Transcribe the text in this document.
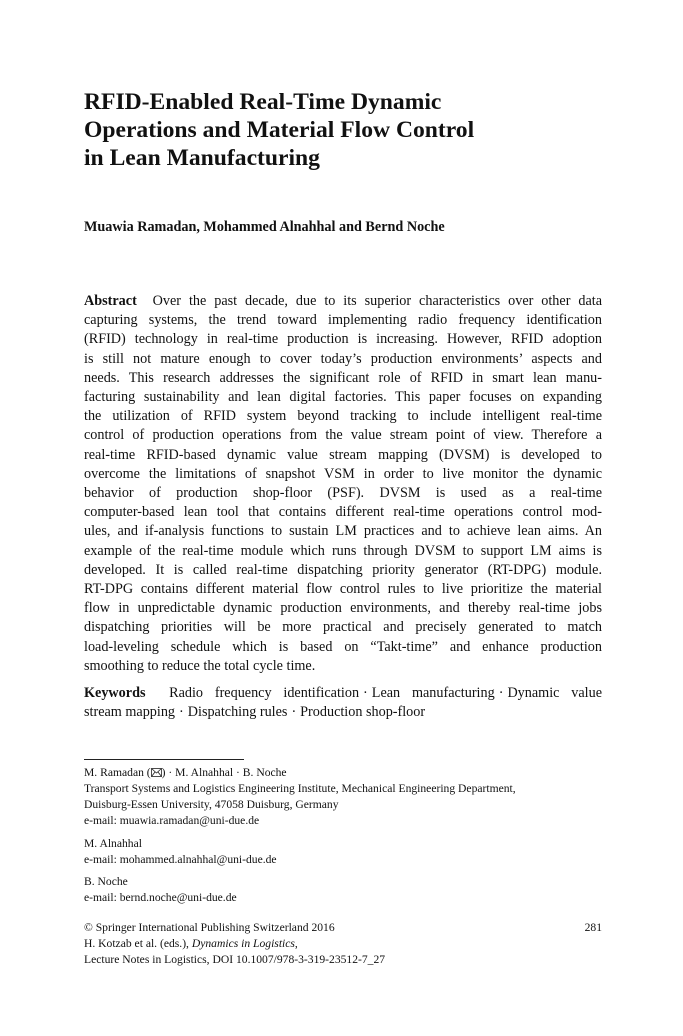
RFID-Enabled Real-Time Dynamic
Operations and Material Flow Control
in Lean Manufacturing
Muawia Ramadan, Mohammed Alnahhal and Bernd Noche
Abstract Over the past decade, due to its superior characteristics over other data
capturing systems, the trend toward implementing radio frequency identification
(RFID) technology in real-time production is increasing. However, RFID adoption
is still not mature enough to cover today’s production environments’ aspects and
needs. This research addresses the significant role of RFID in smart lean manu-
facturing sustainability and lean digital factories. This paper focuses on expanding
the utilization of RFID system beyond tracking to include intelligent real-time
control of production operations from the value stream point of view. Therefore a
real-time RFID-based dynamic value stream mapping (DVSM) is developed to
overcome the limitations of snapshot VSM in order to live monitor the dynamic
behavior of production shop-floor (PSF). DVSM is used as a real-time
computer-based lean tool that contains different real-time operations control mod-
ules, and if-analysis functions to sustain LM practices and to achieve lean aims. An
example of the real-time module which runs through DVSM to support LM aims is
developed. It is called real-time dispatching priority generator (RT-DPG) module.
RT-DPG contains different material flow control rules to live prioritize the material
flow in unpredictable dynamic production environments, and thereby real-time jobs
dispatching priorities will be more practical and precisely generated to match
load-leveling schedule which is based on “Takt-time” and enhance production
smoothing to reduce the total cycle time.
Keywords Radio frequency identification · Lean manufacturing · Dynamic value
stream mapping · Dispatching rules · Production shop-floor
M. Ramadan ( ) · M. Alnahhal · B. Noche
Transport Systems and Logistics Engineering Institute, Mechanical Engineering Department,
Duisburg-Essen University, 47058 Duisburg, Germany
e-mail: muawia.ramadan@uni-due.de
M. Alnahhal
e-mail: mohammed.alnahhal@uni-due.de
B. Noche
e-mail: bernd.noche@uni-due.de
© Springer International Publishing Switzerland 2016	281
H. Kotzab et al. (eds.), Dynamics in Logistics,
Lecture Notes in Logistics, DOI 10.1007/978-3-319-23512-7_27
